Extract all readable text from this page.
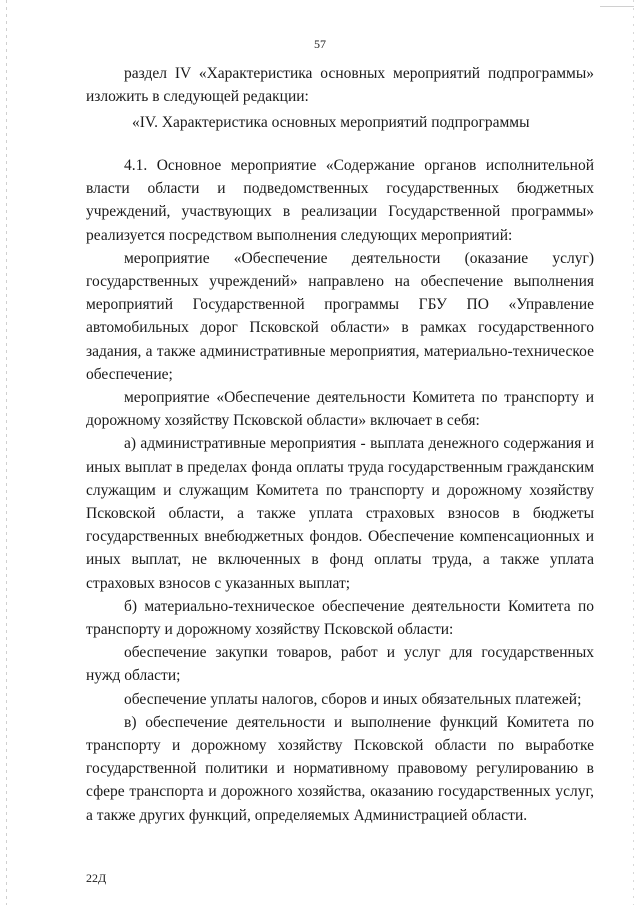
57

раздел IV «Характеристика основных мероприятий подпрограммы» изложить в следующей редакции:

«IV. Характеристика основных мероприятий подпрограммы

4.1. Основное мероприятие «Содержание органов исполнительной власти области и подведомственных государственных бюджетных учреждений, участвующих в реализации Государственной программы» реализуется посредством выполнения следующих мероприятий:

мероприятие «Обеспечение деятельности (оказание услуг) государственных учреждений» направлено на обеспечение выполнения мероприятий Государственной программы ГБУ ПО «Управление автомобильных дорог Псковской области» в рамках государственного задания, а также административные мероприятия, материально-техническое обеспечение;

мероприятие «Обеспечение деятельности Комитета по транспорту и дорожному хозяйству Псковской области» включает в себя:

а) административные мероприятия - выплата денежного содержания и иных выплат в пределах фонда оплаты труда государственным гражданским служащим и служащим Комитета по транспорту и дорожному хозяйству Псковской области, а также уплата страховых взносов в бюджеты государственных внебюджетных фондов. Обеспечение компенсационных и иных выплат, не включенных в фонд оплаты труда, а также уплата страховых взносов с указанных выплат;

б) материально-техническое обеспечение деятельности Комитета по транспорту и дорожному хозяйству Псковской области:

обеспечение закупки товаров, работ и услуг для государственных нужд области;

обеспечение уплаты налогов, сборов и иных обязательных платежей;

в) обеспечение деятельности и выполнение функций Комитета по транспорту и дорожному хозяйству Псковской области по выработке государственной политики и нормативному правовому регулированию в сфере транспорта и дорожного хозяйства, оказанию государственных услуг, а также других функций, определяемых Администрацией области.

22Д
